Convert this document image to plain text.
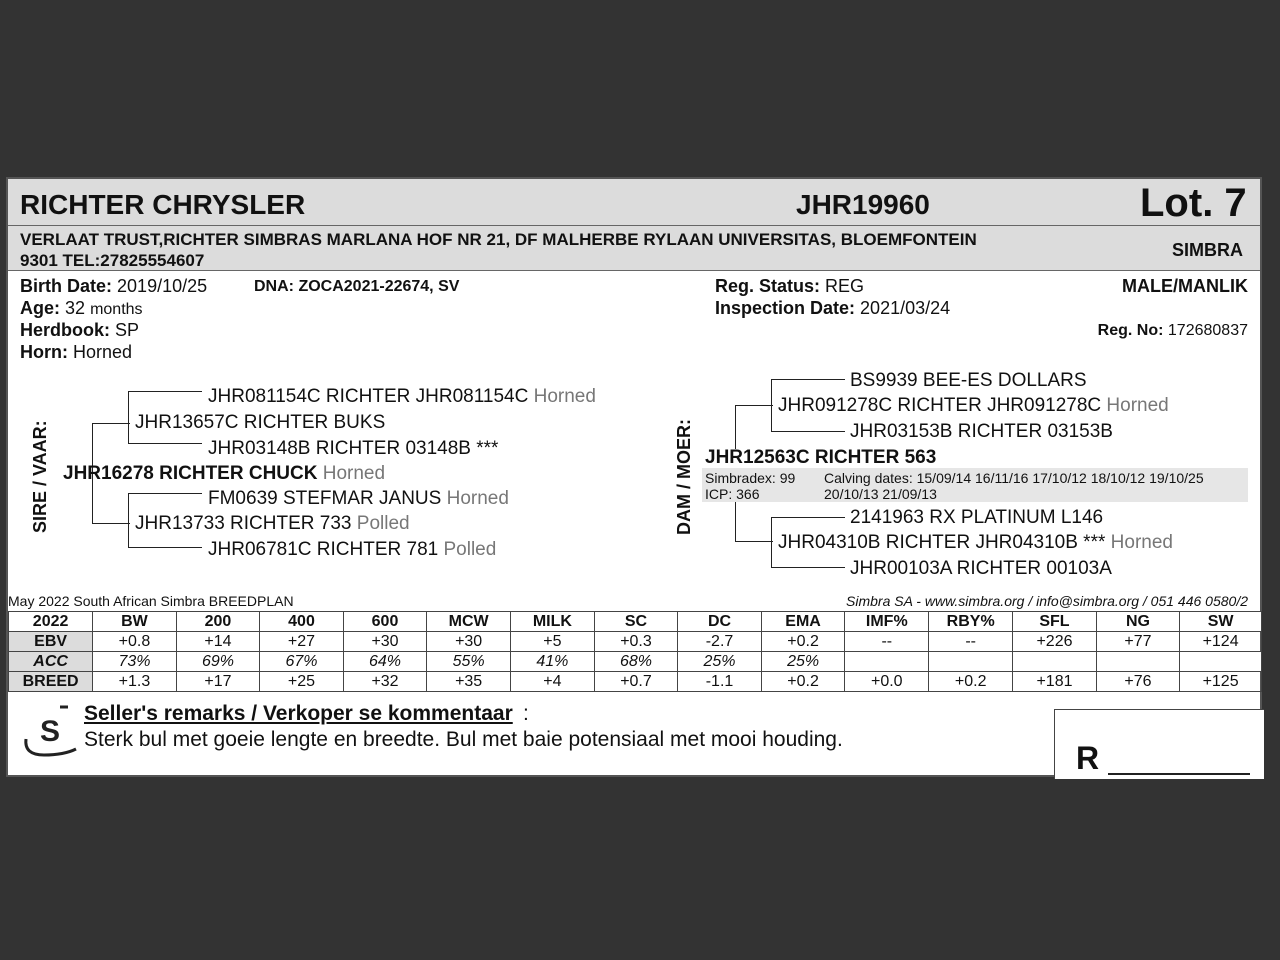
RICHTER CHRYSLER	JHR19960	Lot. 7
VERLAAT TRUST,RICHTER SIMBRAS MARLANA HOF NR 21, DF MALHERBE RYLAAN UNIVERSITAS, BLOEMFONTEIN
9301 TEL:27825554607
SIMBRA
Birth Date: 2019/10/25	DNA: ZOCA2021-22674, SV
Age: 32 months
Herdbook: SP
Horn: Horned
Reg. Status: REG
Inspection Date: 2021/03/24
MALE/MANLIK
Reg. No: 172680837
SIRE / VAAR:
JHR081154C RICHTER JHR081154C Horned
JHR13657C RICHTER BUKS
JHR03148B RICHTER 03148B ***
JHR16278 RICHTER CHUCK Horned
FM0639 STEFMAR JANUS Horned
JHR13733 RICHTER 733 Polled
JHR06781C RICHTER 781 Polled
DAM / MOER:
BS9939 BEE-ES DOLLARS
JHR091278C RICHTER JHR091278C Horned
JHR03153B RICHTER 03153B
JHR12563C RICHTER 563
Simbradex: 99
ICP: 366
Calving dates: 15/09/14 16/11/16 17/10/12 18/10/12 19/10/25
20/10/13 21/09/13
2141963 RX PLATINUM L146
JHR04310B RICHTER JHR04310B *** Horned
JHR00103A RICHTER 00103A
May 2022 South African Simbra BREEDPLAN	Simbra SA - www.simbra.org / info@simbra.org / 051 446 0580/2
2022	BW	200	400	600	MCW	MILK	SC	DC	EMA	IMF%	RBY%	SFL	NG	SW
EBV	+0.8	+14	+27	+30	+30	+5	+0.3	-2.7	+0.2	--	--	+226	+77	+124
ACC	73%	69%	67%	64%	55%	41%	68%	25%	25%					
BREED	+1.3	+17	+25	+32	+35	+4	+0.7	-1.1	+0.2	+0.0	+0.2	+181	+76	+125
S
Seller's remarks / Verkoper se kommentaar :
Sterk bul met goeie lengte en breedte. Bul met baie potensiaal met mooi houding.
R
